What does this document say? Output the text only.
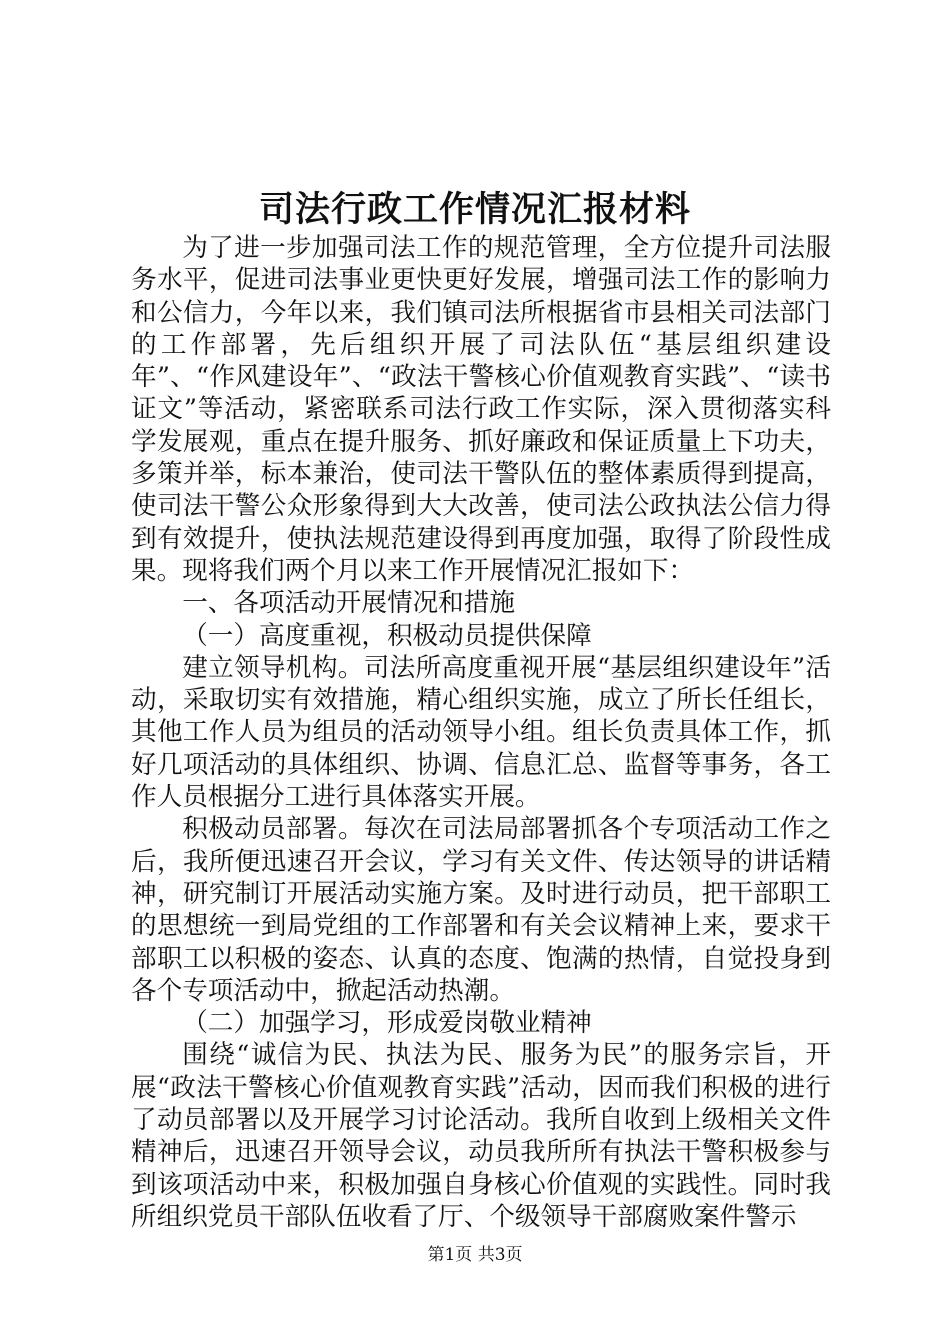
司法行政工作情况汇报材料

为了进一步加强司法工作的规范管理，全方位提升司法服务水平，促进司法事业更快更好发展，增强司法工作的影响力和公信力，今年以来，我们镇司法所根据省市县相关司法部门的工作部署，先后组织开展了司法队伍“基层组织建设年”、“作风建设年”、“政法干警核心价值观教育实践”、“读书证文”等活动，紧密联系司法行政工作实际，深入贯彻落实科学发展观，重点在提升服务、抓好廉政和保证质量上下功夫，多策并举，标本兼治，使司法干警队伍的整体素质得到提高，使司法干警公众形象得到大大改善，使司法公政执法公信力得到有效提升，使执法规范建设得到再度加强，取得了阶段性成果。现将我们两个月以来工作开展情况汇报如下：

一、各项活动开展情况和措施

（一）高度重视，积极动员提供保障

建立领导机构。司法所高度重视开展“基层组织建设年”活动，采取切实有效措施，精心组织实施，成立了所长任组长，其他工作人员为组员的活动领导小组。组长负责具体工作，抓好几项活动的具体组织、协调、信息汇总、监督等事务，各工作人员根据分工进行具体落实开展。

积极动员部署。每次在司法局部署抓各个专项活动工作之后，我所便迅速召开会议，学习有关文件、传达领导的讲话精神，研究制订开展活动实施方案。及时进行动员，把干部职工的思想统一到局党组的工作部署和有关会议精神上来，要求干部职工以积极的姿态、认真的态度、饱满的热情，自觉投身到各个专项活动中，掀起活动热潮。

（二）加强学习，形成爱岗敬业精神

围绕“诚信为民、执法为民、服务为民”的服务宗旨，开展“政法干警核心价值观教育实践”活动，因而我们积极的进行了动员部署以及开展学习讨论活动。我所自收到上级相关文件精神后，迅速召开领导会议，动员我所所有执法干警积极参与到该项活动中来，积极加强自身核心价值观的实践性。同时我所组织党员干部队伍收看了厅、个级领导干部腐败案件警示

第1页 共3页
